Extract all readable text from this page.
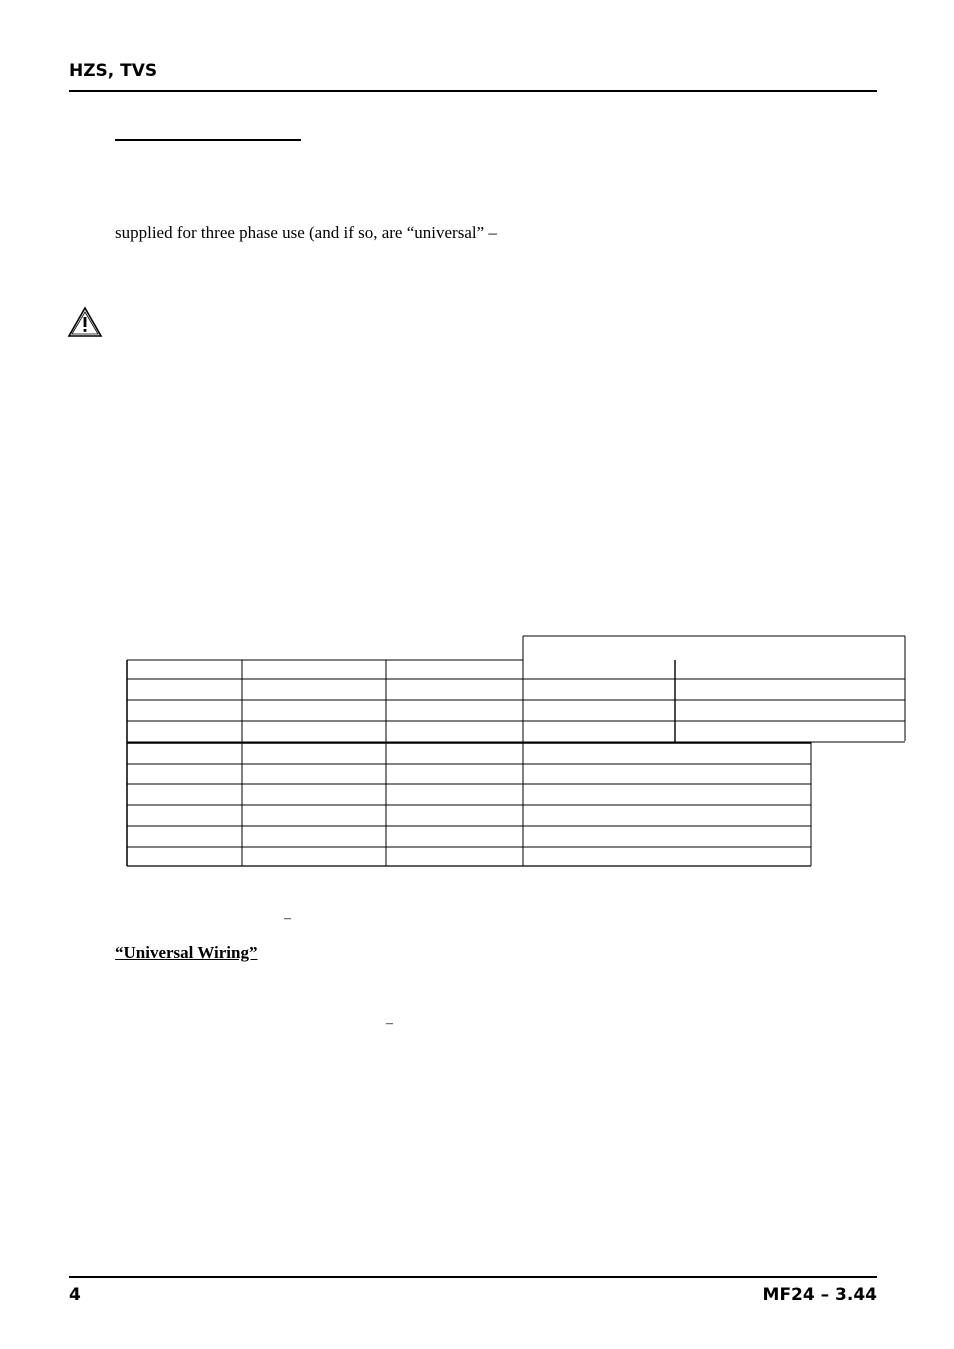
HZS, TVS
supplied for three phase use (and if so, are “universal” –
–
“Universal Wiring”
–
4	MF24 – 3.44
